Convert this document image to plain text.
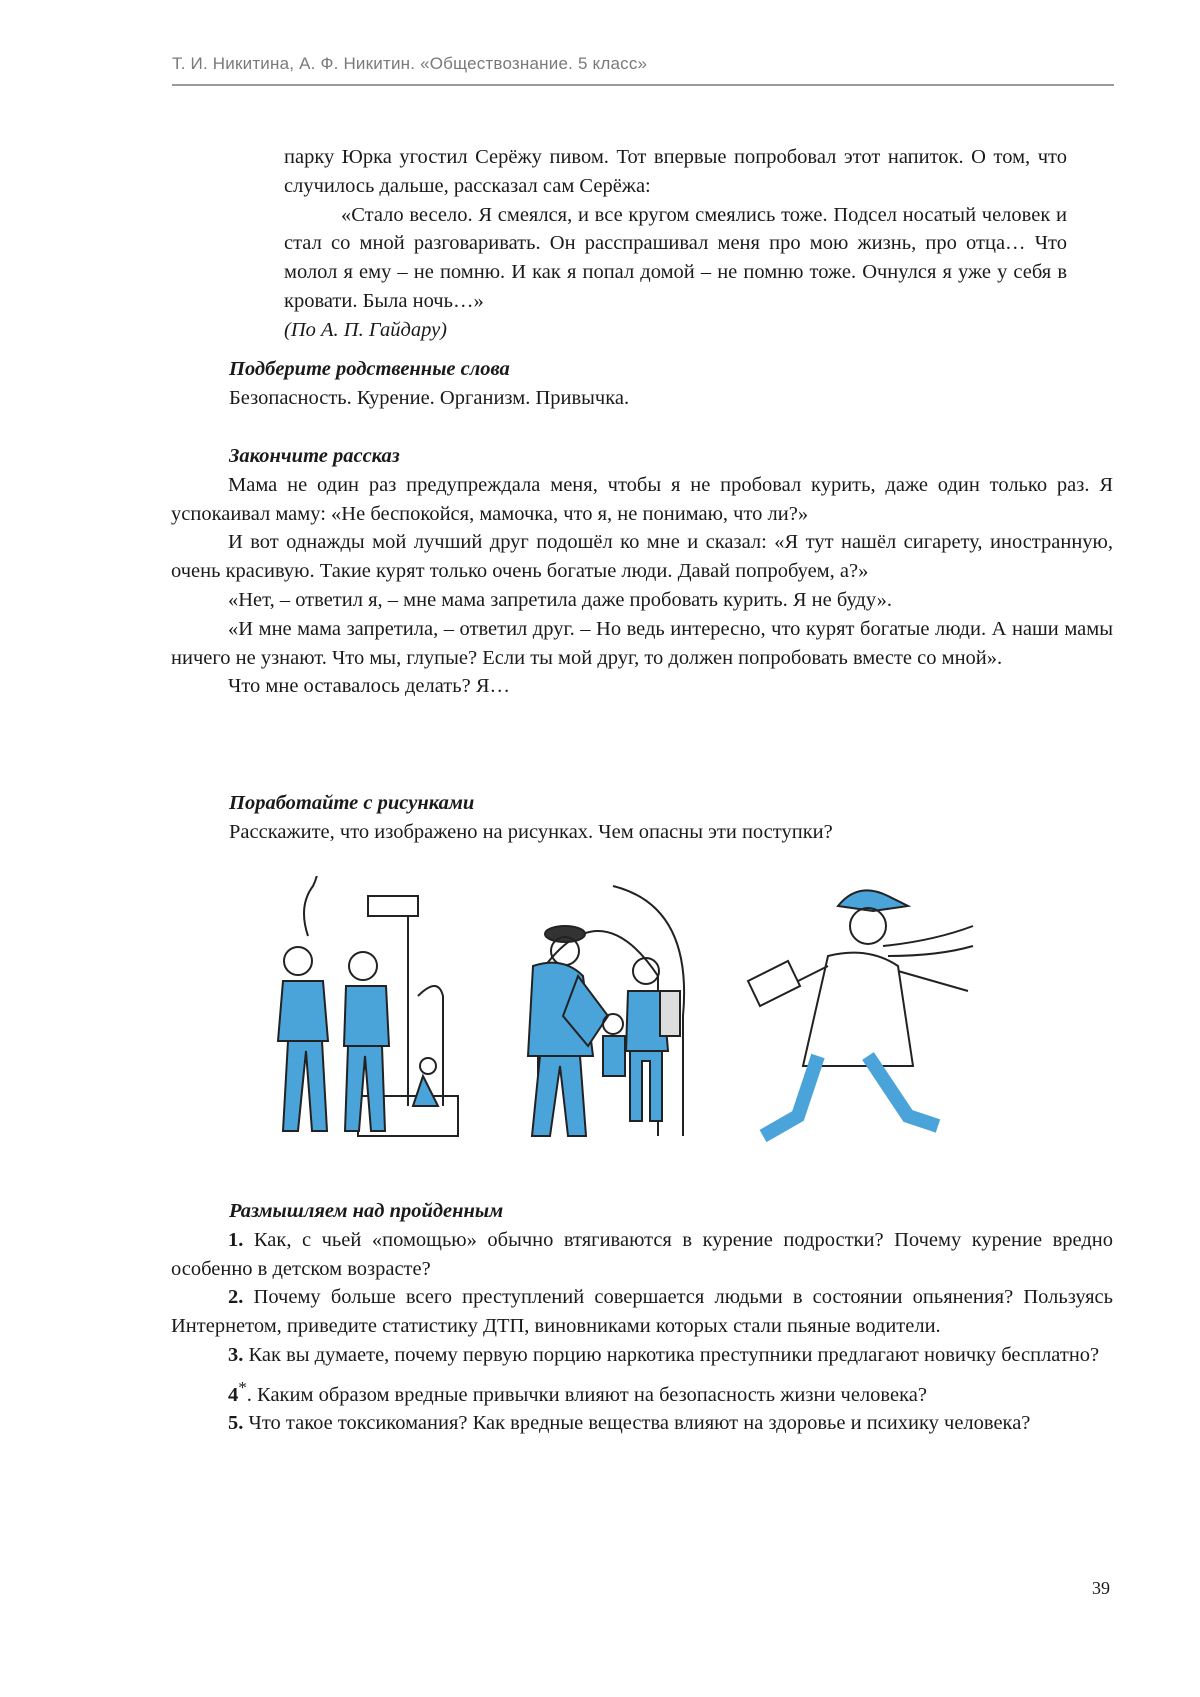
Т. И. Никитина, А. Ф. Никитин. «Обществознание. 5 класс»

парку Юрка угостил Серёжу пивом. Тот впервые попробовал этот напиток. О том, что случилось дальше, рассказал сам Серёжа:

«Стало весело. Я смеялся, и все кругом смеялись тоже. Подсел носатый человек и стал со мной разговаривать. Он расспрашивал меня про мою жизнь, про отца… Что молол я ему – не помню. И как я попал домой – не помню тоже. Очнулся я уже у себя в кровати. Была ночь…»

(По А. П. Гайдару)

Подберите родственные слова

Безопасность. Курение. Организм. Привычка.

Закончите рассказ

Мама не один раз предупреждала меня, чтобы я не пробовал курить, даже один только раз. Я успокаивал маму: «Не беспокойся, мамочка, что я, не понимаю, что ли?»

И вот однажды мой лучший друг подошёл ко мне и сказал: «Я тут нашёл сигарету, иностранную, очень красивую. Такие курят только очень богатые люди. Давай попробуем, а?»

«Нет, – ответил я, – мне мама запретила даже пробовать курить. Я не буду».

«И мне мама запретила, – ответил друг. – Но ведь интересно, что курят богатые люди. А наши мамы ничего не узнают. Что мы, глупые? Если ты мой друг, то должен попробовать вместе со мной».

Что мне оставалось делать? Я…

Поработайте с рисунками

Расскажите, что изображено на рисунках. Чем опасны эти поступки?

Размышляем над пройденным

1. Как, с чьей «помощью» обычно втягиваются в курение подростки? Почему курение вредно особенно в детском возрасте?

2. Почему больше всего преступлений совершается людьми в состоянии опьянения? Пользуясь Интернетом, приведите статистику ДТП, виновниками которых стали пьяные водители.

3. Как вы думаете, почему первую порцию наркотика преступники предлагают новичку бесплатно?

4*. Каким образом вредные привычки влияют на безопасность жизни человека?

5. Что такое токсикомания? Как вредные вещества влияют на здоровье и психику человека?

39
